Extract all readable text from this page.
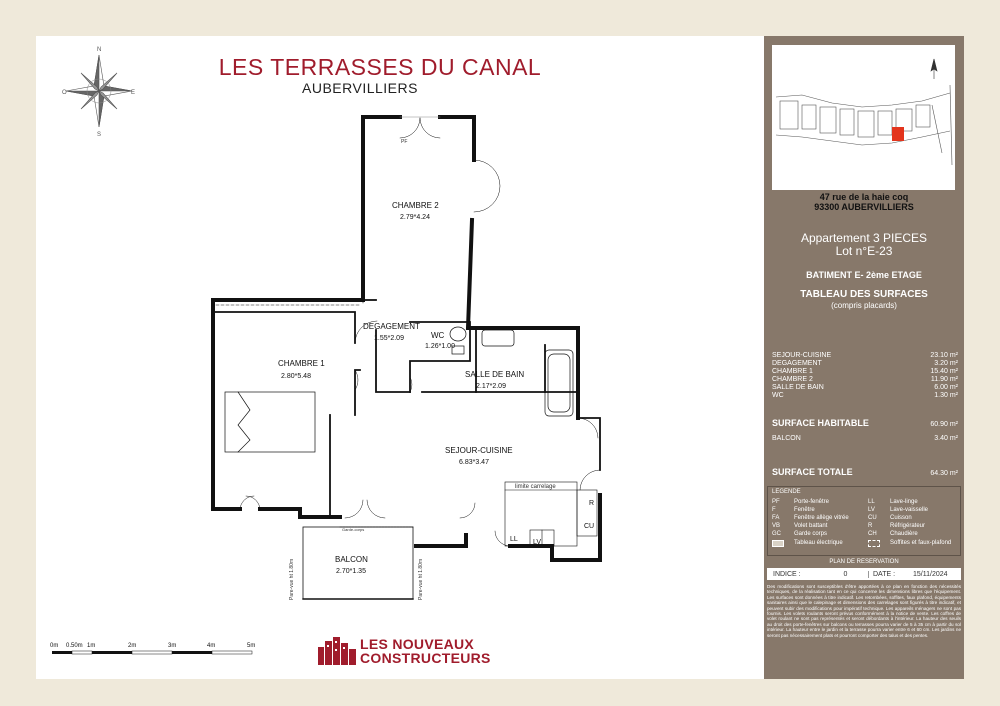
LES TERRASSES DU CANAL
AUBERVILLIERS
N
E
S
O
CHAMBRE 2
2.79*4.24
DEGAGEMENT
1.55*2.09	WC
1.26*1.00
CHAMBRE 1
2.80*5.48	SALLE DE BAIN
2.17*2.09
SEJOUR-CUISINE
6.83*3.47
BALCON
2.70*1.35
limite carrelage
R
CU
LL LV
PF
Garde-corps
Pare-vue ht 1.80m	Pare-vue ht 1.80m
0m 0.50m 1m	2m	3m	4m	5m	LES NOUVEAUX
CONSTRUCTEURS
47 rue de la haie coq
93300 AUBERVILLIERS
Appartement 3 PIECES
Lot n°E-23
BATIMENT E- 2ème ETAGE
TABLEAU DES SURFACES
(compris placards)
SEJOUR-CUISINE	23.10 m²
DEGAGEMENT	3.20 m²
CHAMBRE 1	15.40 m²
CHAMBRE 2	11.90 m²
SALLE DE BAIN	6.00 m²
WC	1.30 m²
SURFACE HABITABLE	60.90 m²
BALCON	3.40 m²
SURFACE TOTALE	64.30 m²
LEGENDE
PF	Porte-fenêtre
F	Fenêtre
FA	Fenêtre allège vitrée
VB	Volet battant
GC	Garde corps
Tableau électrique
LL	Lave-linge
LV	Lave-vaisselle
CU	Cuisson
R	Réfrigérateur
CH	Chaudière
Soffites et faux-plafond
PLAN DE RESERVATION
INDICE :	0	DATE :	15/11/2024
Des modifications sont susceptibles d'être apportées à ce plan en fonction des nécessités techniques, de la réalisation tant en ce qui concerne les dimensions libres que l'équipement. Les surfaces sont données à titre indicatif. Les retombées, soffites, faux plafond, équipements sanitaires ainsi que le calepinage et dimensions des carrelages sont figurés à titre indicatif, et peuvent subir des modifications pour impératif technique. Les appareils ménagers ne sont pas fournis. Les volets roulants seront prévus conformément à la notice de vente. Les coffres de volet roulant ne sont pas représentés et seront débordants à l'intérieur. La hauteur des seuils au droit des porte-fenêtres sur balcons ou terrasses pourra varier de 5 à 35 cm à partir du sol intérieur. La hauteur entre le jardin et la terrasse pourra varier entre 6 et 60 cm. Les jardins ne seront pas nécessairement plats et pourront comporter des talus et des pentes.
